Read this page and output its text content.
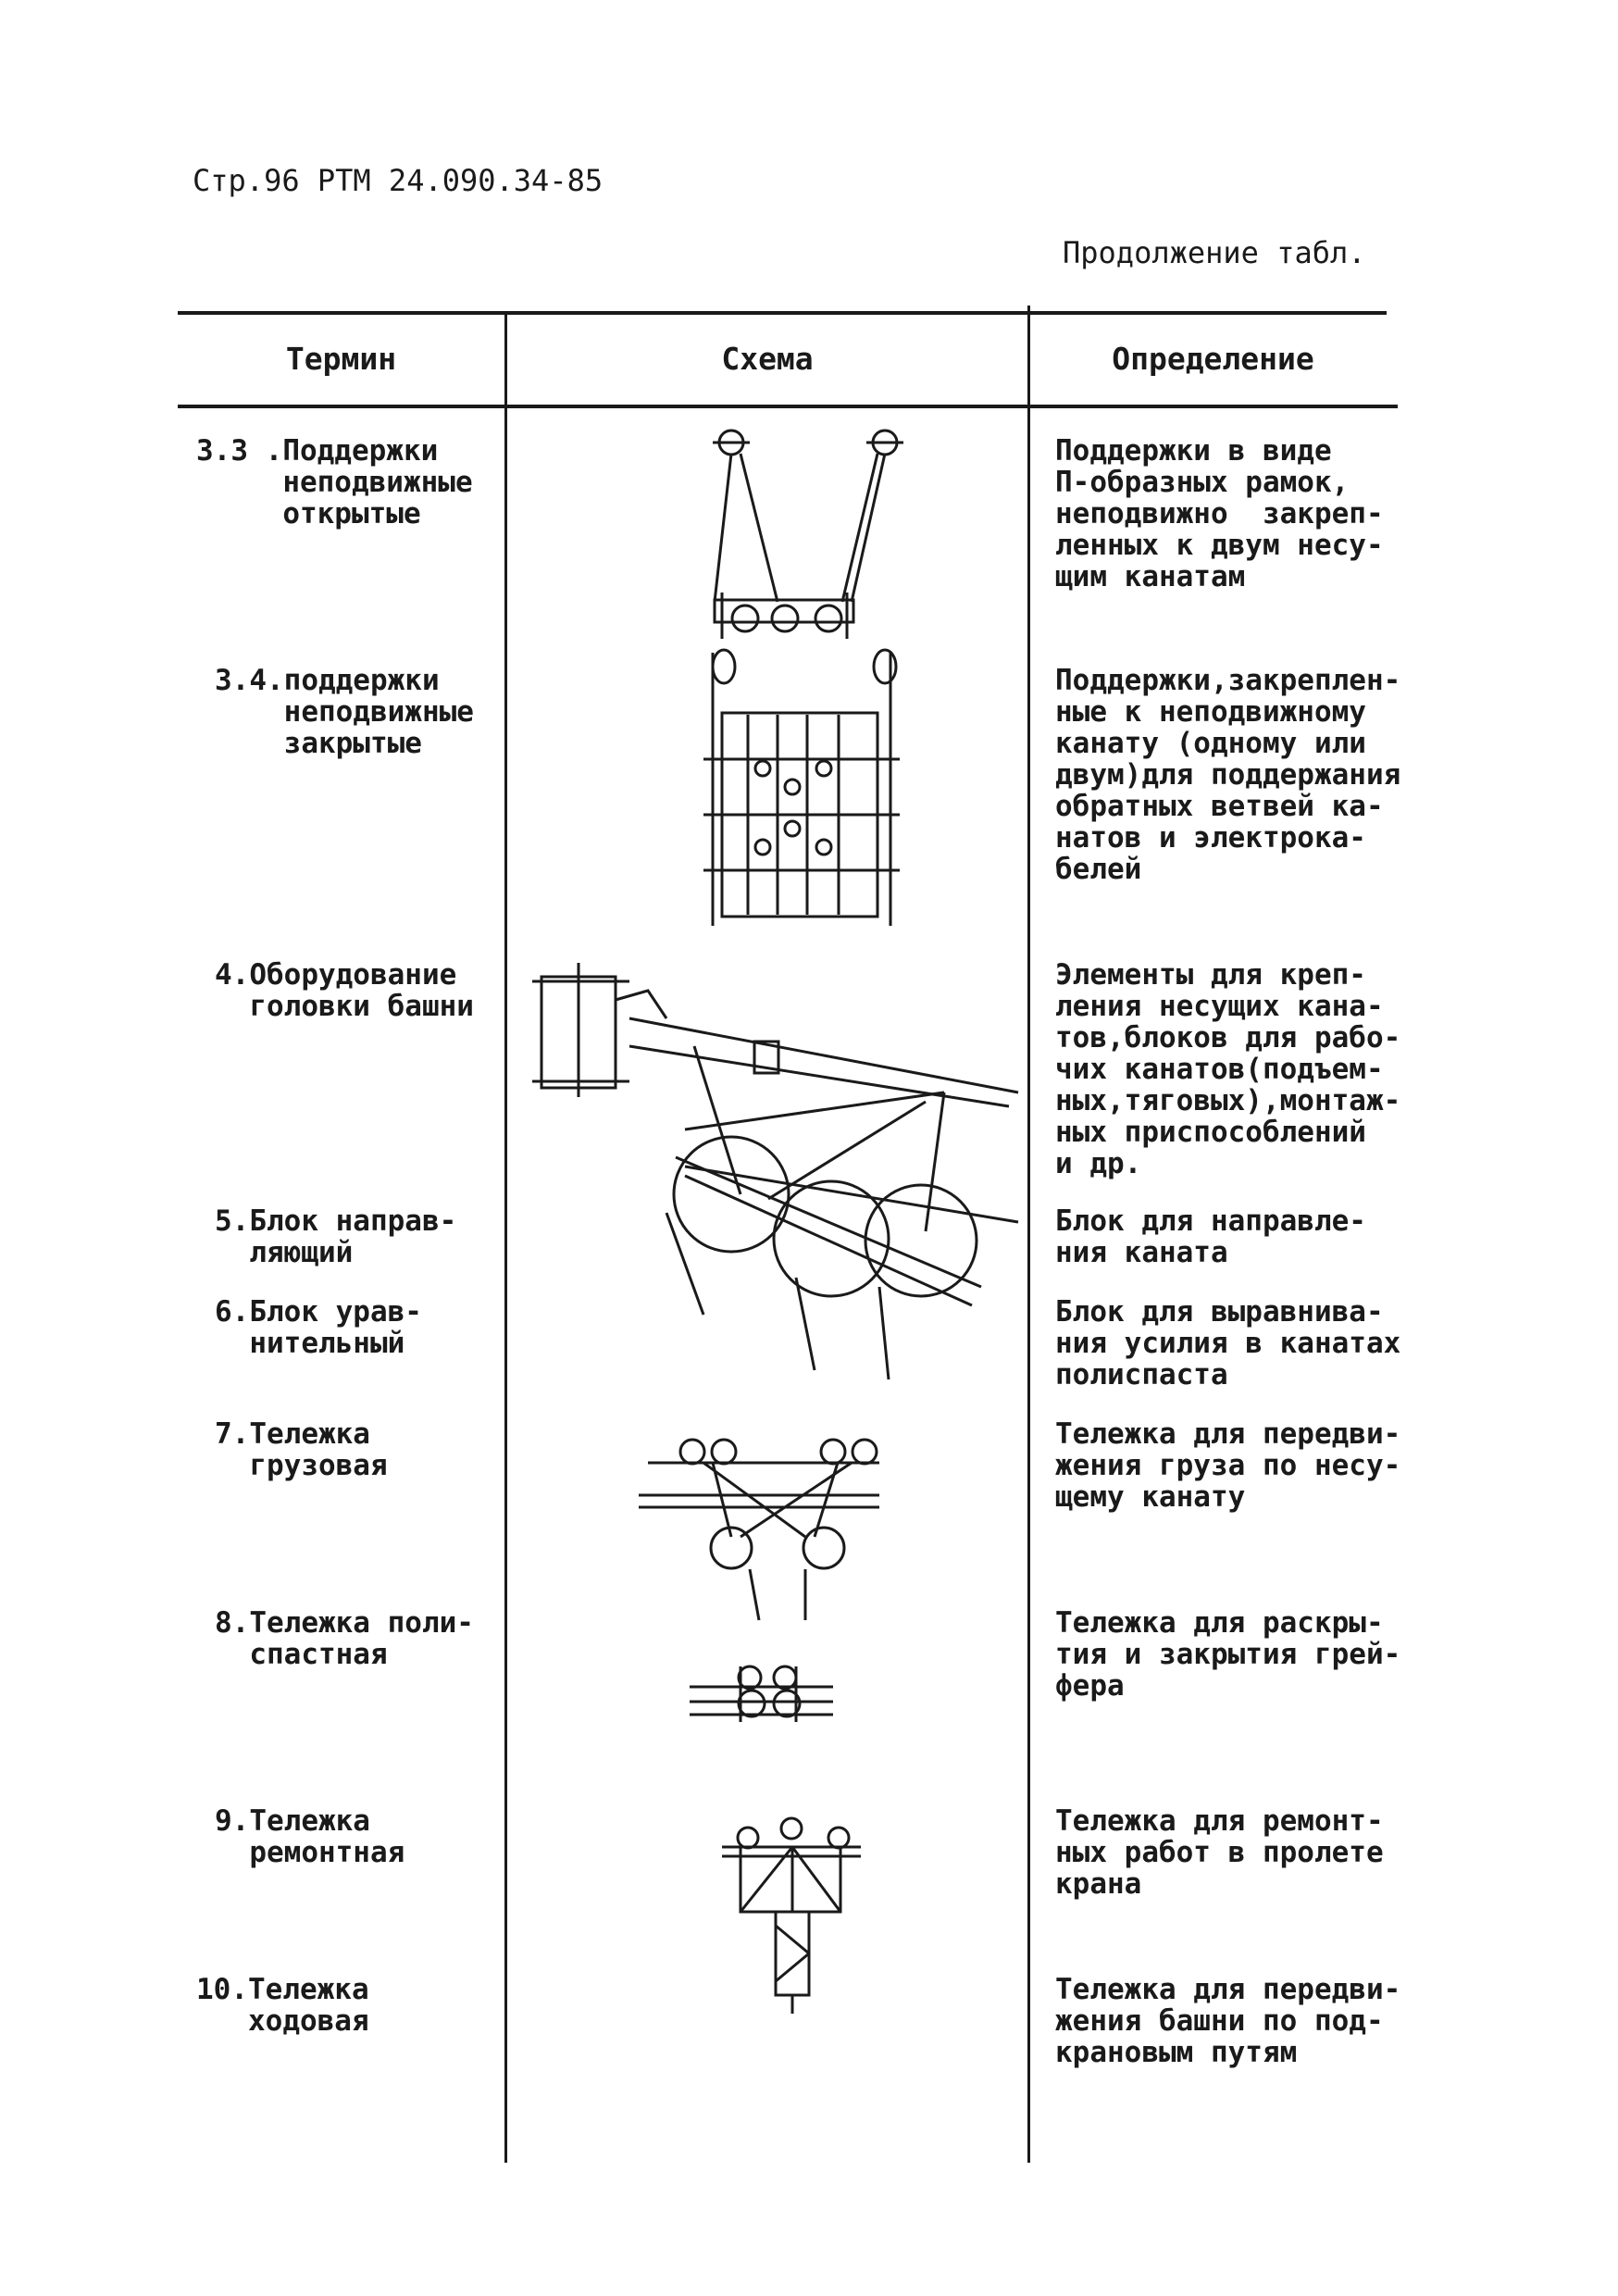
Стр.96 РТМ 24.090.34-85
Продолжение табл.
Термин	Схема	Определение
3.3 .Поддержки
неподвижные
открытые
3.4.поддержки
неподвижные
закрытые
4.Оборудование
головки башни
5.Блок направ-
ляющий
6.Блок урав-
нительный
7.Тележка
грузовая
8.Тележка поли-
спастная
9.Тележка
ремонтная
10.Тележка
ходовая
Поддержки в виде
П-образных рамок,
неподвижно  закреп-
ленных к двум несу-
щим канатам
Поддержки,закреплен-
ные к неподвижному
канату (одному или
двум)для поддержания
обратных ветвей ка-
натов и электрока-
белей
Элементы для креп-
ления несущих кана-
тов,блоков для рабо-
чих канатов(подъем-
ных,тяговых),монтаж-
ных приспособлений
и др.
Блок для направле-
ния каната
Блок для выравнива-
ния усилия в канатах
полиспаста
Тележка для передви-
жения груза по несу-
щему канату
Тележка для раскры-
тия и закрытия грей-
фера
Тележка для ремонт-
ных работ в пролете
крана
Тележка для передви-
жения башни по под-
крановым путям
